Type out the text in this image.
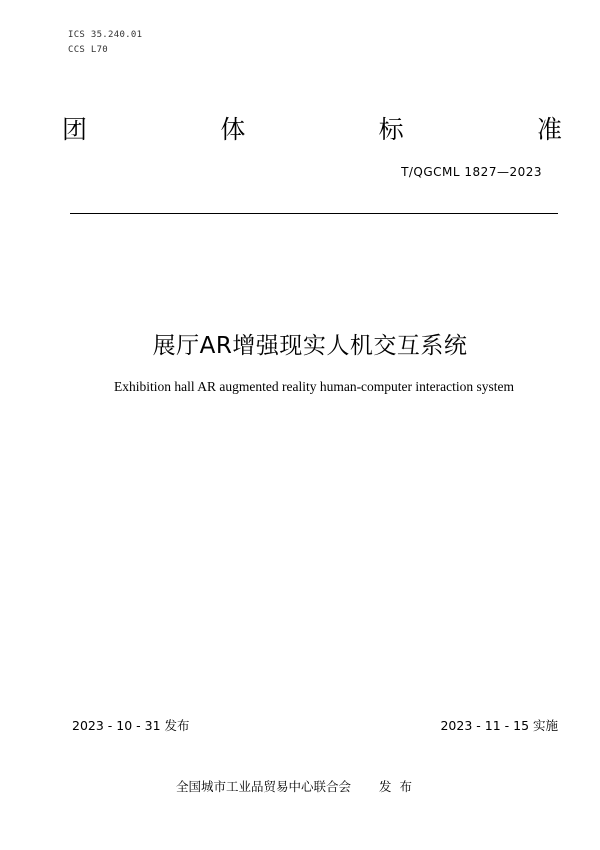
ICS 35.240.01
CCS L70
团	体	标	准
T/QGCML 1827—2023
展厅AR增强现实人机交互系统
Exhibition hall AR augmented reality human-computer interaction system
2023 - 10 - 31 发布	2023 - 11 - 15 实施
全国城市工业品贸易中心联合会 发布
